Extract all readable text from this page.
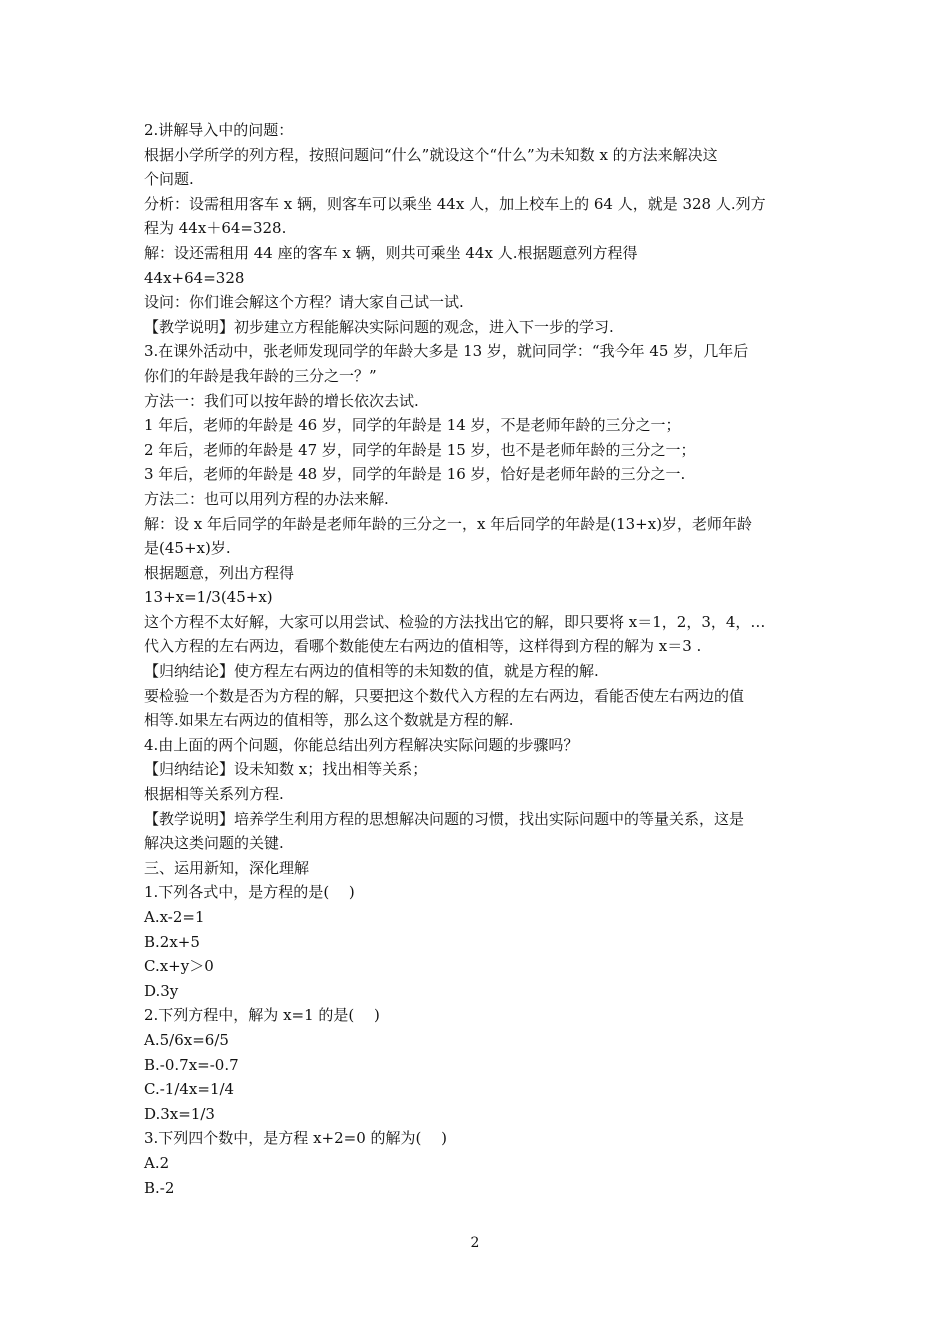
2.讲解导入中的问题：
根据小学所学的列方程，按照问题问“什么”就设这个“什么”为未知数 x 的方法来解决这
个问题.
分析：设需租用客车 x 辆，则客车可以乘坐 44x 人，加上校车上的 64 人，就是 328 人.列方
程为 44x＋64=328.
解：设还需租用 44 座的客车 x 辆，则共可乘坐 44x 人.根据题意列方程得
44x+64=328
设问：你们谁会解这个方程？请大家自己试一试.
【教学说明】初步建立方程能解决实际问题的观念，进入下一步的学习.
3.在课外活动中，张老师发现同学的年龄大多是 13 岁，就问同学：“我今年 45 岁，几年后
你们的年龄是我年龄的三分之一？”
方法一：我们可以按年龄的增长依次去试.
1 年后，老师的年龄是 46 岁，同学的年龄是 14 岁，不是老师年龄的三分之一；
2 年后，老师的年龄是 47 岁，同学的年龄是 15 岁，也不是老师年龄的三分之一；
3 年后，老师的年龄是 48 岁，同学的年龄是 16 岁，恰好是老师年龄的三分之一.
方法二：也可以用列方程的办法来解.
解：设 x 年后同学的年龄是老师年龄的三分之一，x 年后同学的年龄是(13+x)岁，老师年龄
是(45+x)岁.
根据题意，列出方程得
13+x=1/3(45+x)
这个方程不太好解，大家可以用尝试、检验的方法找出它的解，即只要将 x＝1，2，3，4，…
代入方程的左右两边，看哪个数能使左右两边的值相等，这样得到方程的解为 x＝3 .
【归纳结论】使方程左右两边的值相等的未知数的值，就是方程的解.
要检验一个数是否为方程的解，只要把这个数代入方程的左右两边，看能否使左右两边的值
相等.如果左右两边的值相等，那么这个数就是方程的解.
4.由上面的两个问题，你能总结出列方程解决实际问题的步骤吗？
【归纳结论】设未知数 x；找出相等关系；
根据相等关系列方程.
【教学说明】培养学生利用方程的思想解决问题的习惯，找出实际问题中的等量关系，这是
解决这类问题的关键.
三、运用新知，深化理解
1.下列各式中，是方程的是(　 )
A.x-2=1
B.2x+5
C.x+y＞0
D.3y
2.下列方程中，解为 x=1 的是(　 )
A.5/6x=6/5
B.-0.7x=-0.7
C.-1/4x=1/4
D.3x=1/3
3.下列四个数中，是方程 x+2=0 的解为(　 )
A.2
B.-2
2
